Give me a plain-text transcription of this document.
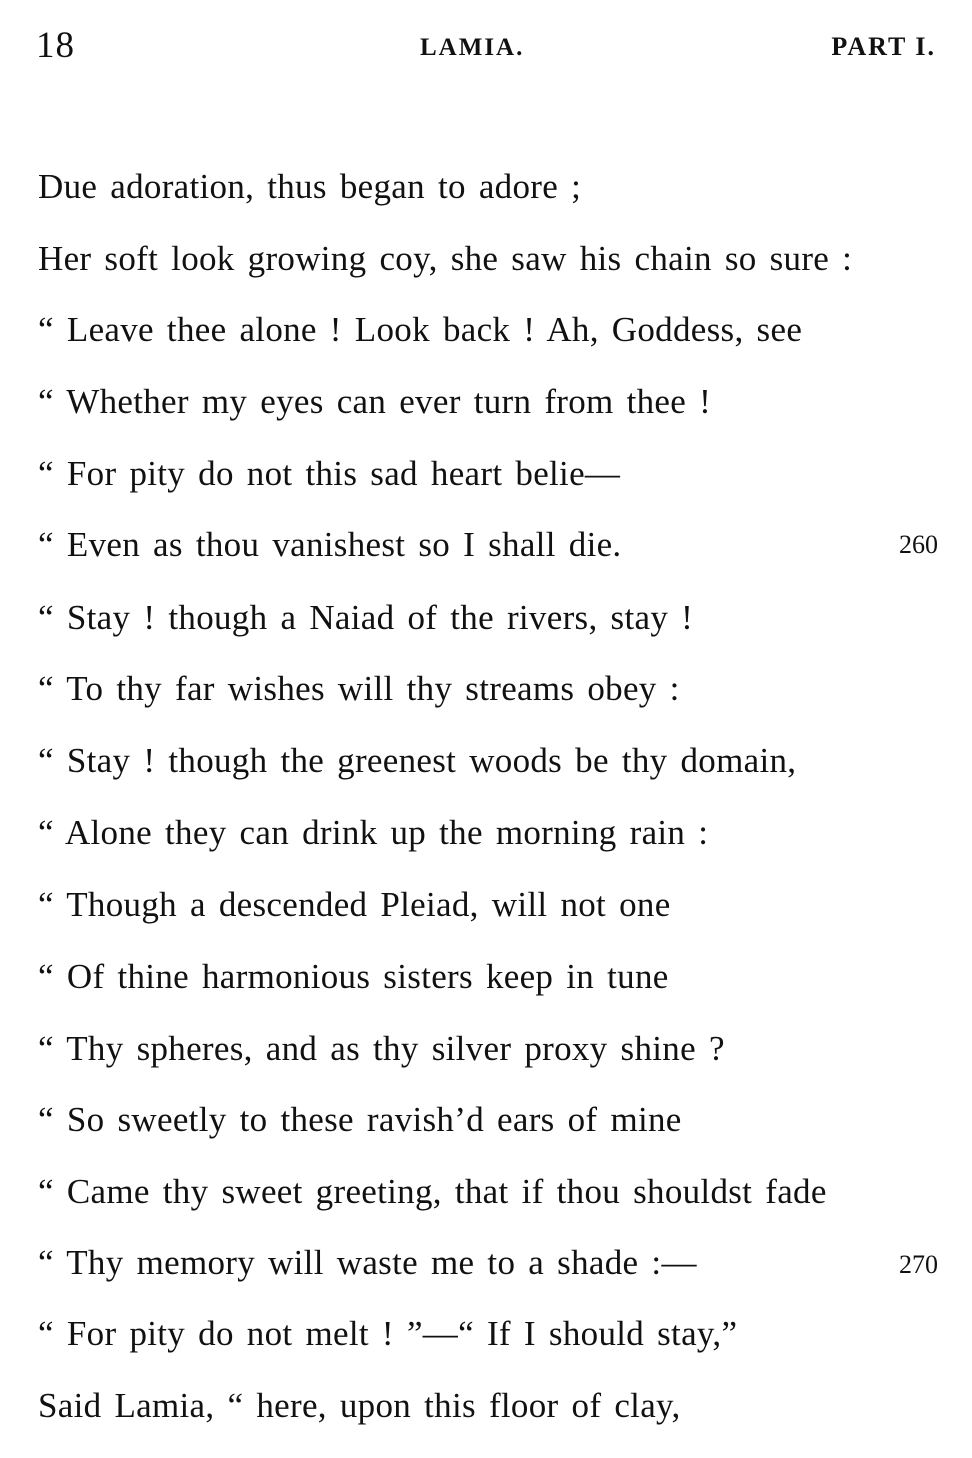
18	LAMIA.	PART I.
Due adoration, thus began to adore ;
Her soft look growing coy, she saw his chain so sure :
“ Leave thee alone ! Look back ! Ah, Goddess, see
“ Whether my eyes can ever turn from thee !
“ For pity do not this sad heart belie—
“ Even as thou vanishest so I shall die.	260
“ Stay ! though a Naiad of the rivers, stay !
“ To thy far wishes will thy streams obey :
“ Stay ! though the greenest woods be thy domain,
“ Alone they can drink up the morning rain :
“ Though a descended Pleiad, will not one
“ Of thine harmonious sisters keep in tune
“ Thy spheres, and as thy silver proxy shine ?
“ So sweetly to these ravish’d ears of mine
“ Came thy sweet greeting, that if thou shouldst fade
“ Thy memory will waste me to a shade :—	270
“ For pity do not melt ! ”—“ If I should stay,”
Said Lamia, “ here, upon this floor of clay,
